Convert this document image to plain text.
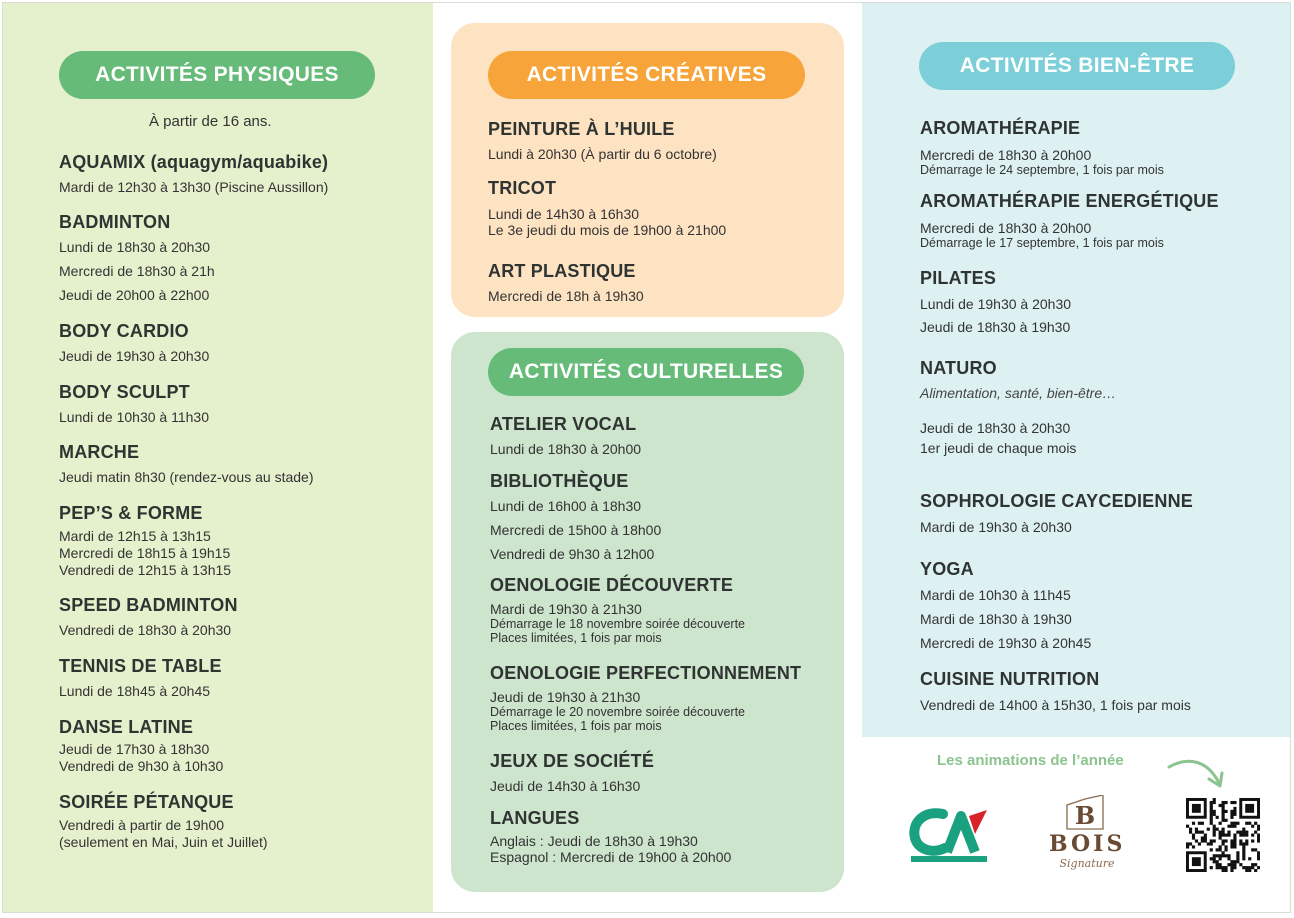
ACTIVITÉS PHYSIQUES
À partir de 16 ans.
AQUAMIX (aquagym/aquabike)
Mardi de 12h30 à 13h30 (Piscine Aussillon)
BADMINTON
Lundi de 18h30 à 20h30
Mercredi de 18h30 à 21h
Jeudi de 20h00 à 22h00
BODY CARDIO
Jeudi de 19h30 à 20h30
BODY SCULPT
Lundi de 10h30 à 11h30
MARCHE
Jeudi matin 8h30 (rendez-vous au stade)
PEP’S & FORME
Mardi de 12h15 à 13h15
Mercredi de 18h15 à 19h15
Vendredi de 12h15 à 13h15
SPEED BADMINTON
Vendredi de 18h30 à 20h30
TENNIS DE TABLE
Lundi de 18h45 à 20h45
DANSE LATINE
Jeudi de 17h30 à 18h30
Vendredi de 9h30 à 10h30
SOIRÉE PÉTANQUE
Vendredi à partir de 19h00
(seulement en Mai, Juin et Juillet)
ACTIVITÉS CRÉATIVES
PEINTURE À L’HUILE
Lundi à 20h30 (À partir du 6 octobre)
TRICOT
Lundi de 14h30 à 16h30
Le 3e jeudi du mois de 19h00 à 21h00
ART PLASTIQUE
Mercredi de 18h à 19h30
ACTIVITÉS CULTURELLES
ATELIER VOCAL
Lundi de 18h30 à 20h00
BIBLIOTHÈQUE
Lundi de 16h00 à 18h30
Mercredi de 15h00 à 18h00
Vendredi de 9h30 à 12h00
OENOLOGIE DÉCOUVERTE
Mardi de 19h30 à 21h30
Démarrage le 18 novembre soirée découverte
Places limitées, 1 fois par mois
OENOLOGIE PERFECTIONNEMENT
Jeudi de 19h30 à 21h30
Démarrage le 20 novembre soirée découverte
Places limitées, 1 fois par mois
JEUX DE SOCIÉTÉ
Jeudi de 14h30 à 16h30
LANGUES
Anglais : Jeudi de 18h30 à 19h30
Espagnol : Mercredi de 19h00 à 20h00
ACTIVITÉS BIEN-ÊTRE
AROMATHÉRAPIE
Mercredi de 18h30 à 20h00
Démarrage le 24 septembre, 1 fois par mois
AROMATHÉRAPIE ENERGÉTIQUE
Mercredi de 18h30 à 20h00
Démarrage le 17 septembre, 1 fois par mois
PILATES
Lundi de 19h30 à 20h30
Jeudi de 18h30 à 19h30
NATURO
Alimentation, santé, bien-être…
Jeudi de 18h30 à 20h30
1er jeudi de chaque mois
SOPHROLOGIE CAYCEDIENNE
Mardi de 19h30 à 20h30
YOGA
Mardi de 10h30 à 11h45
Mardi de 18h30 à 19h30
Mercredi de 19h30 à 20h45
CUISINE NUTRITION
Vendredi de 14h00 à 15h30, 1 fois par mois
Les animations de l’année
B
BOIS
Signature
